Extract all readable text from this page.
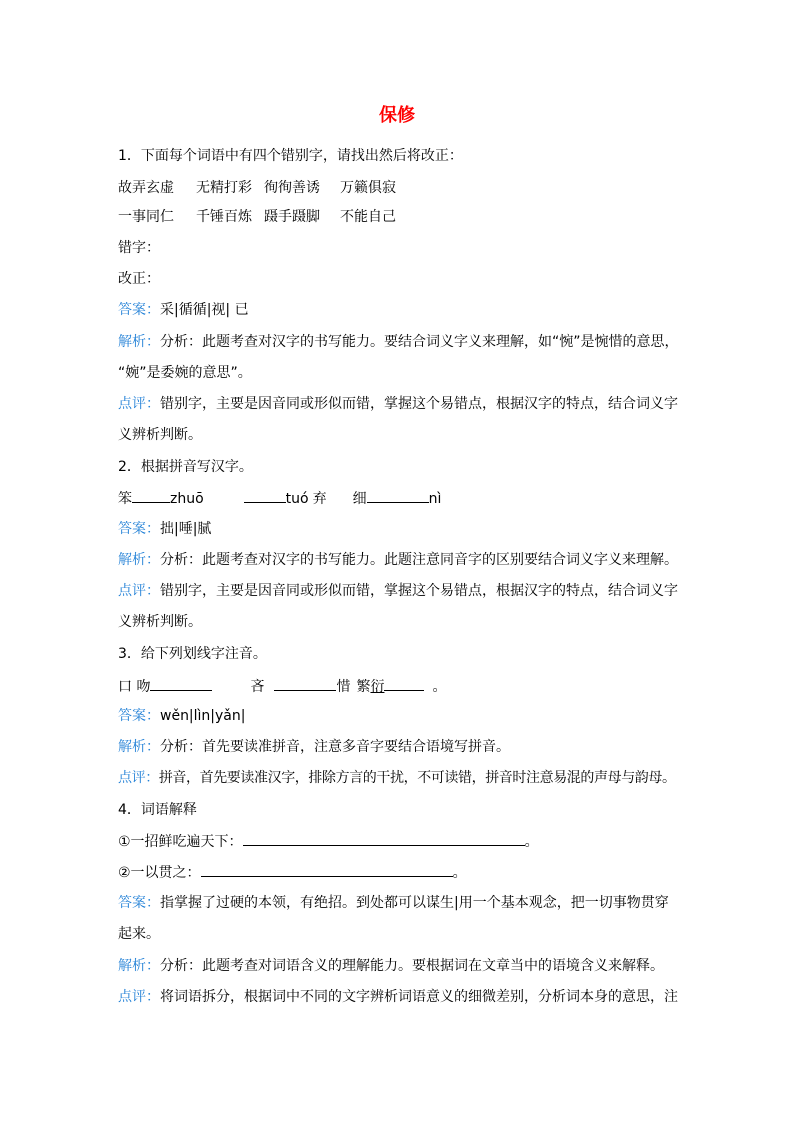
保修
1．下面每个词语中有四个错别字，请找出然后将改正：
故弄玄虚 无精打彩 徇徇善诱 万籁俱寂
一事同仁 千锤百炼 蹑手蹑脚 不能自己
错字：
改正：
答案：采|循循|视| 已
解析：分析：此题考查对汉字的书写能力。要结合词义字义来理解，如“惋”是惋惜的意思，
“婉”是委婉的意思”。
点评：错别字，主要是因音同或形似而错，掌握这个易错点，根据汉字的特点，结合词义字
义辨析判断。
2．根据拼音写汉字。
笨	zhuō	tuó 弃 细	nì
答案：拙|唾|腻
解析：分析：此题考查对汉字的书写能力。此题注意同音字的区别要结合词义字义来理解。
点评：错别字，主要是因音同或形似而错，掌握这个易错点，根据汉字的特点，结合词义字
义辨析判断。
3．给下列划线字注音。
口 吻	吝	惜 繁衍	。
答案：wěn|lìn|yǎn|
解析：分析：首先要读准拼音，注意多音字要结合语境写拼音。
点评：拼音，首先要读准汉字，排除方言的干扰，不可读错，拼音时注意易混的声母与韵母。
4．词语解释
①一招鲜吃遍天下：	。
②一以贯之：	。
答案：指掌握了过硬的本领，有绝招。到处都可以谋生|用一个基本观念，把一切事物贯穿
起来。
解析：分析：此题考查对词语含义的理解能力。要根据词在文章当中的语境含义来解释。
点评：将词语拆分，根据词中不同的文字辨析词语意义的细微差别，分析词本身的意思，注
